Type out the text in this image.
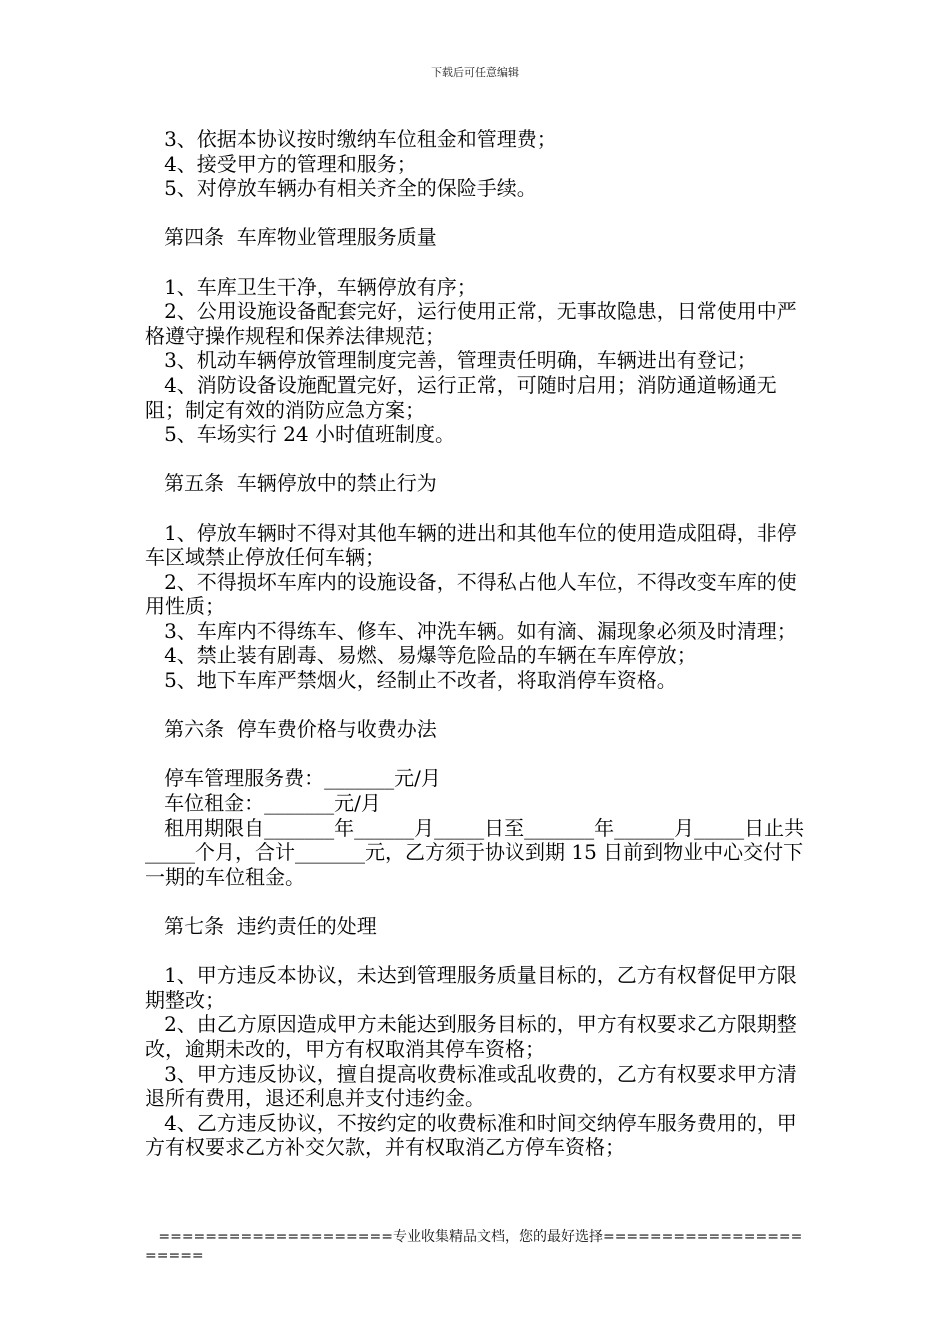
下载后可任意编辑

3、依据本协议按时缴纳车位租金和管理费；

4、接受甲方的管理和服务；

5、对停放车辆办有相关齐全的保险手续。

第四条  车库物业管理服务质量

1、车库卫生干净，车辆停放有序；

2、公用设施设备配套完好，运行使用正常，无事故隐患，日常使用中严格遵守操作规程和保养法律规范；

3、机动车辆停放管理制度完善，管理责任明确，车辆进出有登记；

4、消防设备设施配置完好，运行正常，可随时启用；消防通道畅通无阻；制定有效的消防应急方案；

5、车场实行 24 小时值班制度。

第五条  车辆停放中的禁止行为

1、停放车辆时不得对其他车辆的进出和其他车位的使用造成阻碍，非停车区域禁止停放任何车辆；

2、不得损坏车库内的设施设备，不得私占他人车位，不得改变车库的使用性质；

3、车库内不得练车、修车、冲洗车辆。如有滴、漏现象必须及时清理；

4、禁止装有剧毒、易燃、易爆等危险品的车辆在车库停放；

5、地下车库严禁烟火，经制止不改者，将取消停车资格。

第六条  停车费价格与收费办法

停车管理服务费：_______元/月

车位租金：_______元/月

租用期限自_______年______月_____日至_______年______月_____日止共_____个月，合计_______元，乙方须于协议到期 15 日前到物业中心交付下一期的车位租金。

第七条  违约责任的处理

1、甲方违反本协议，未达到管理服务质量目标的，乙方有权督促甲方限期整改；

2、由乙方原因造成甲方未能达到服务目标的，甲方有权要求乙方限期整改，逾期未改的，甲方有权取消其停车资格；

3、甲方违反协议，擅自提高收费标准或乱收费的，乙方有权要求甲方清退所有费用，退还利息并支付违约金。

4、乙方违反协议，不按约定的收费标准和时间交纳停车服务费用的，甲方有权要求乙方补交欠款，并有权取消乙方停车资格；

====================专业收集精品文档，您的最好选择======================
